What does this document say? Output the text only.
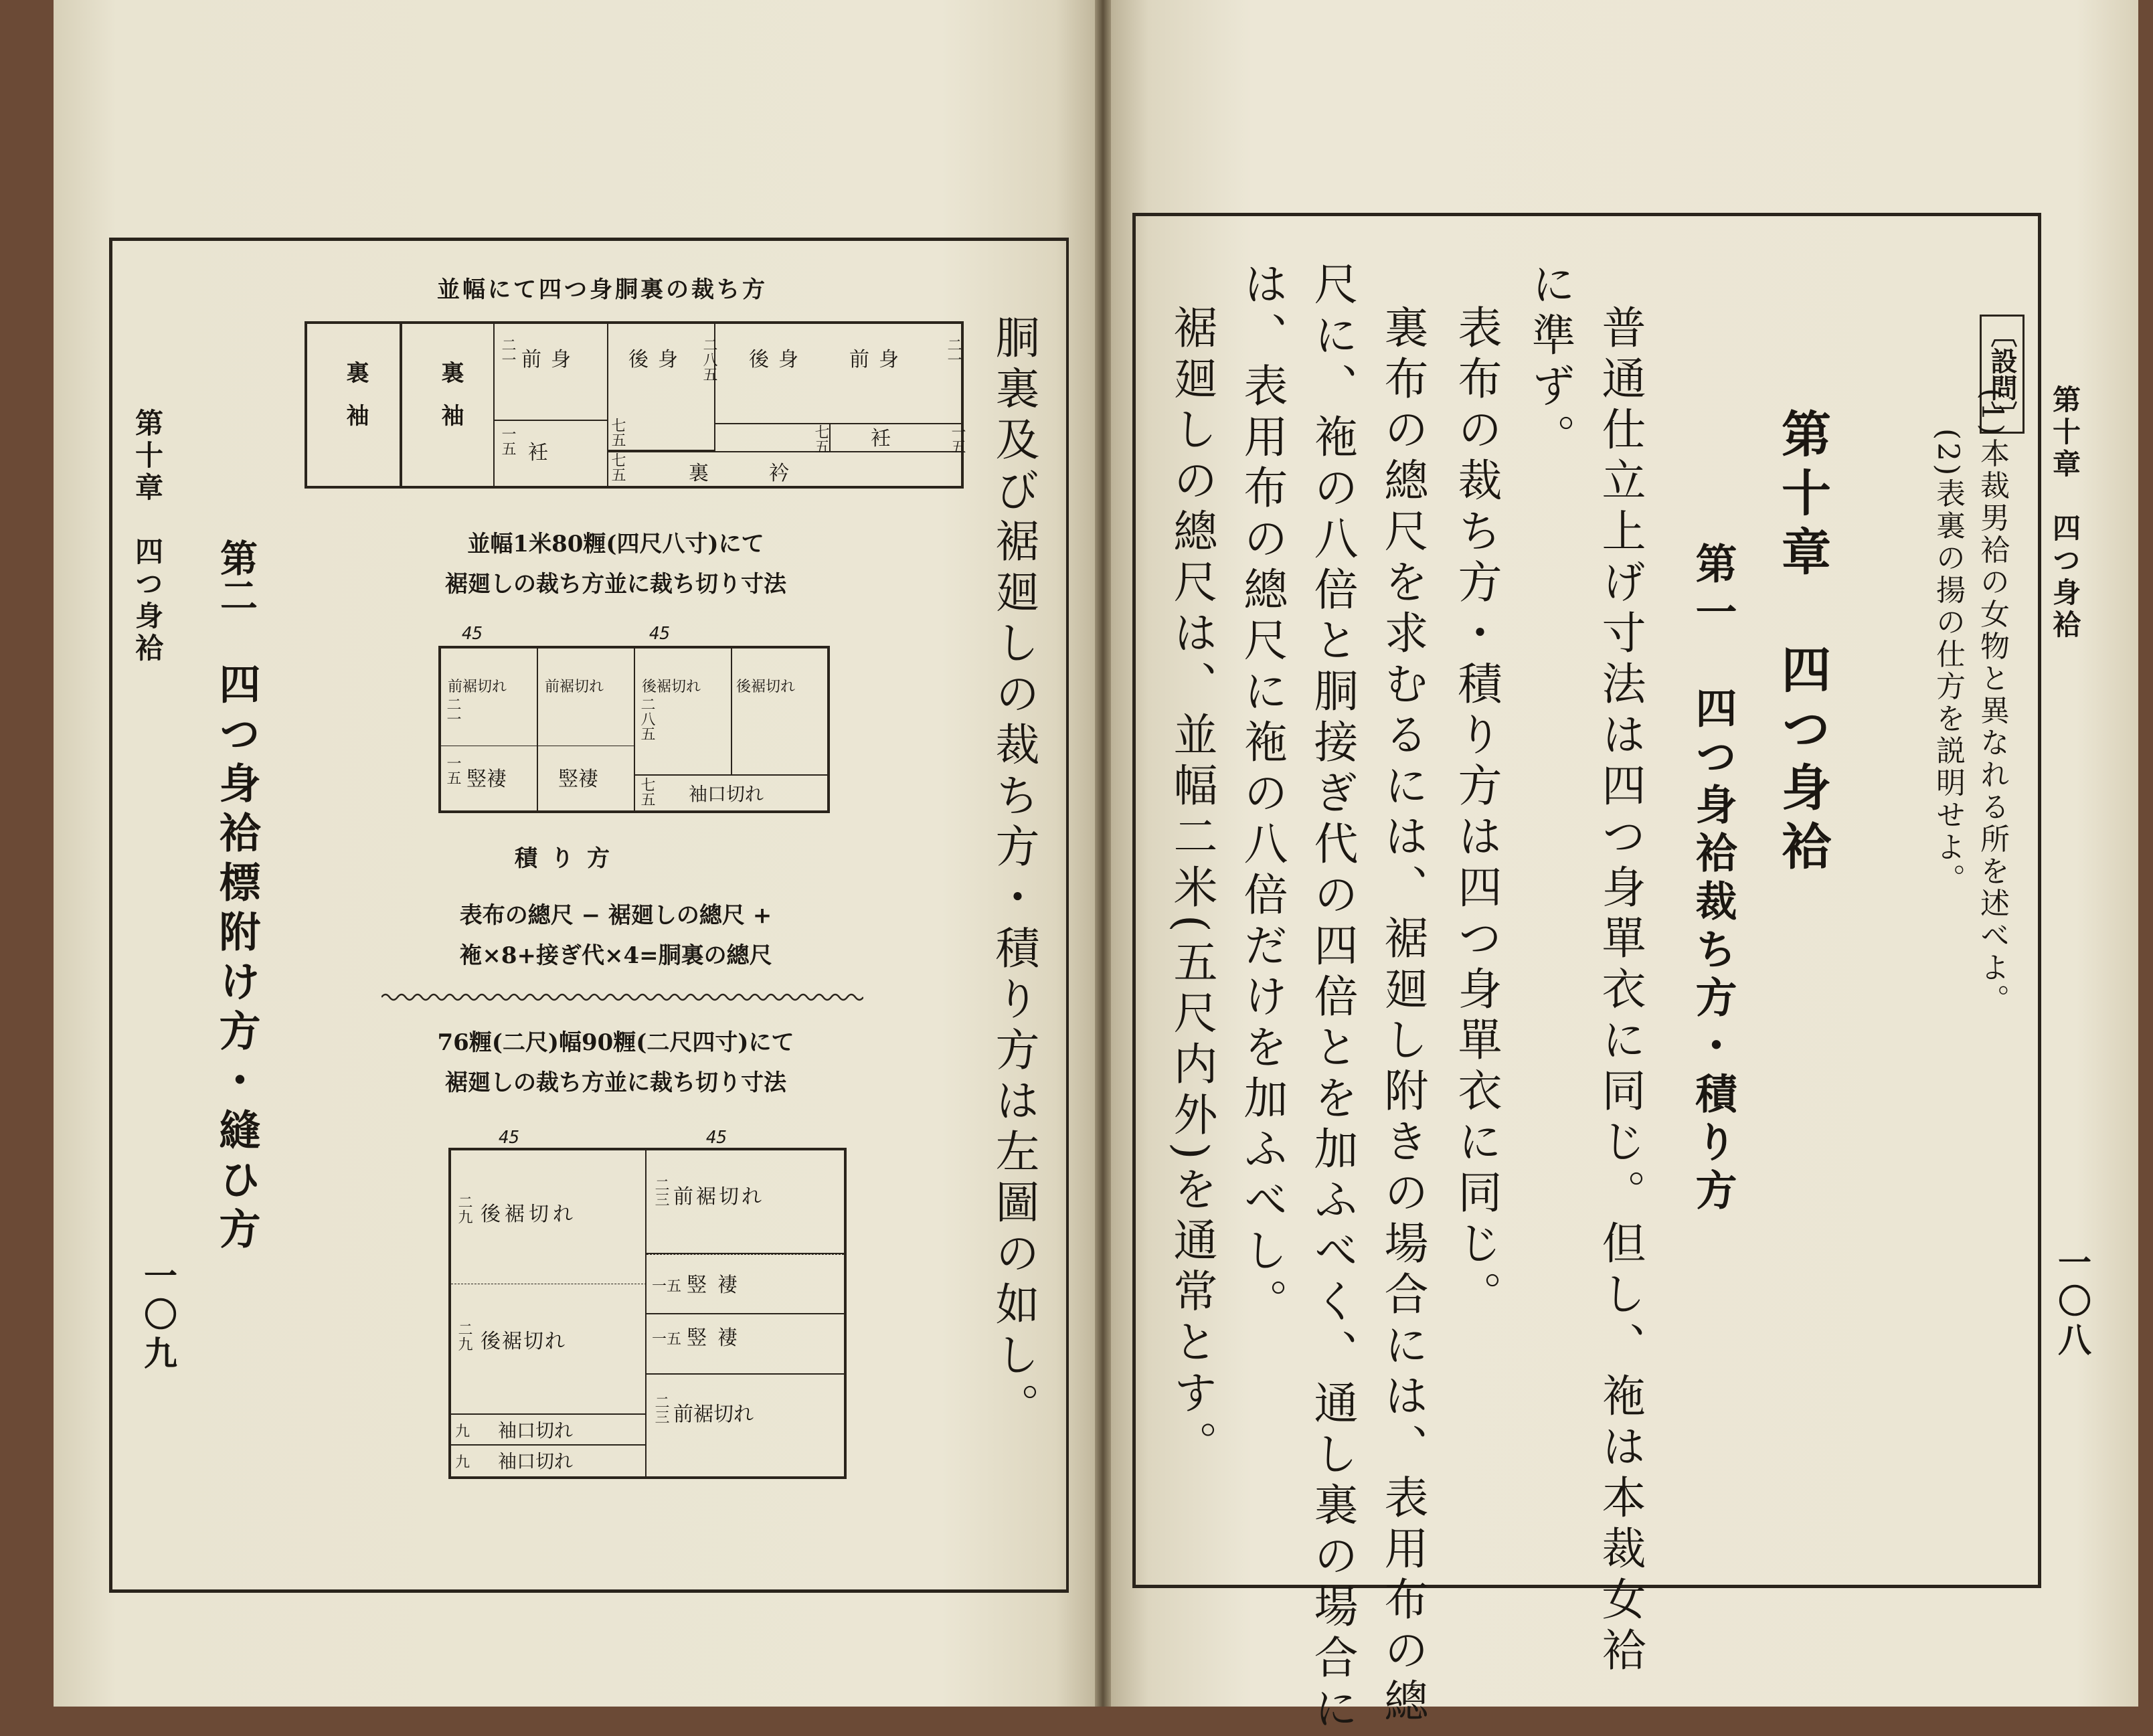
第十章　四つ身袷
一〇九
第二
四つ身袷標附け方・縫ひ方	胴裏及び裾廻しの裁ち方・積り方は左圖の如し。
並幅にて四つ身胴裏の裁ち方
裏袖	裏袖
二一 前身
一五 衽
後身 二八五
七五
七五	裏　　衿
後身 前身	二一
衽	一五
七五
並幅1米80糎(四尺八寸)にて
裾廻しの裁ち方並に裁ち切り寸法
45	45
前裾切れ
二一
一五 竪褄
前裾切れ
竪褄
後裾切れ
二八五
後裾切れ
七五 袖口切れ
積り方
表布の總尺 − 裾廻しの總尺 +
袘×8+接ぎ代×4=胴裏の總尺
76糎(二尺)幅90糎(二尺四寸)にて
裾廻しの裁ち方並に裁ち切り寸法
45	45
二九 後裾切れ
二九 後裾切れ
九 袖口切れ
九 袖口切れ
二三 前裾切れ
一五 竪褄
一五 竪褄
二三 前裾切れ
第十章　四つ身袷
一〇八
〔設問〕
(1)本裁男袷の女物と異なれる所を述べよ。
(2)表裏の揚の仕方を説明せよ。
第十章　四つ身袷
第一　四つ身袷裁ち方・積り方
普通仕立上げ寸法は四つ身單衣に同じ。但し、袘は本裁女袷
に準ず。
表布の裁ち方・積り方は四つ身單衣に同じ。
裏布の總尺を求むるには、裾廻し附きの場合には、表用布の總
尺に、袘の八倍と胴接ぎ代の四倍とを加ふべく、通し裏の場合に
は、表用布の總尺に袘の八倍だけを加ふべし。
裾廻しの總尺は、並幅二米(五尺内外)を通常とす。
